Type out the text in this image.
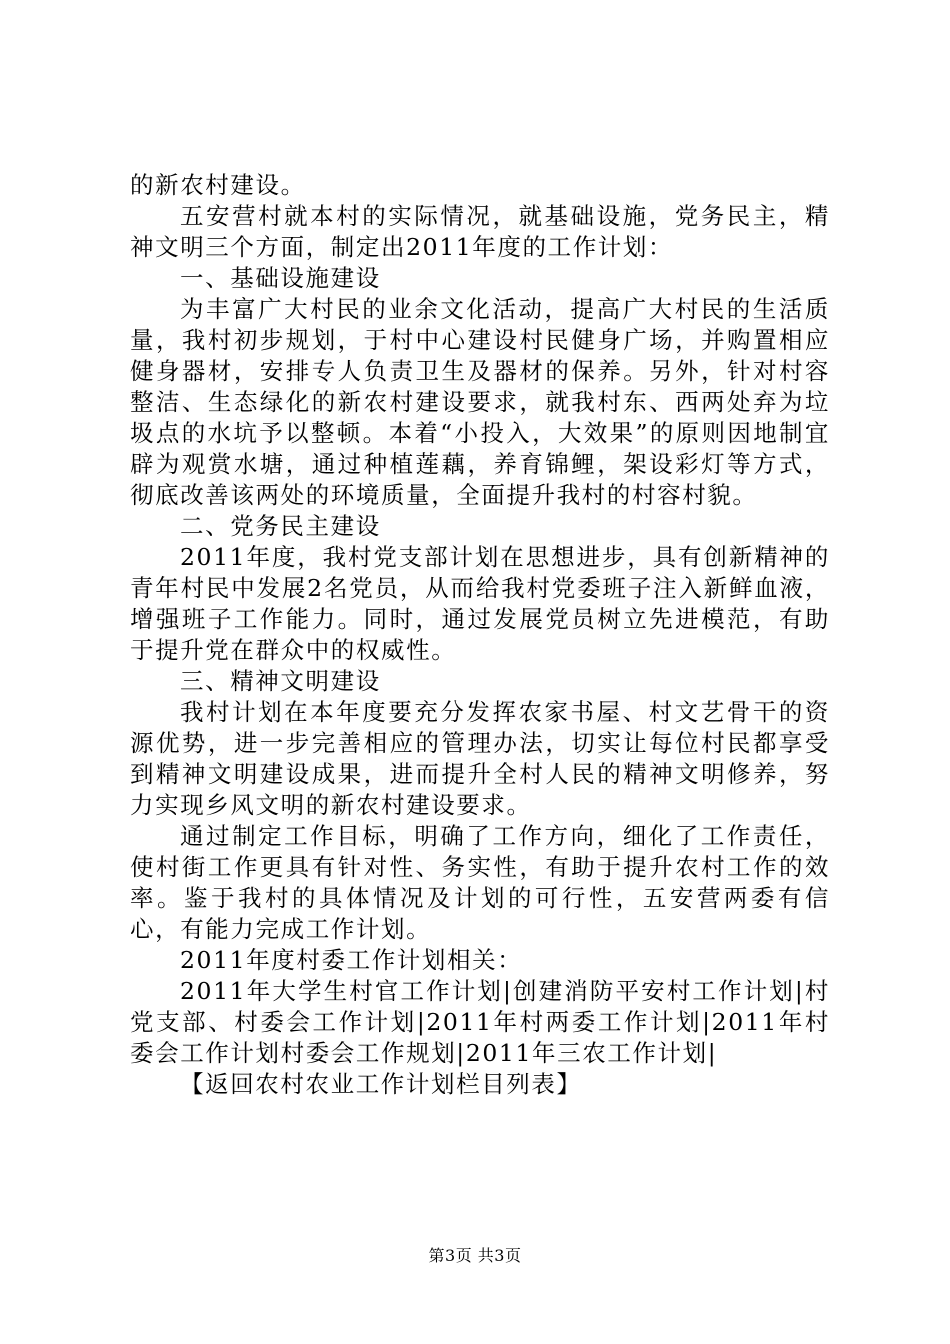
的新农村建设。

五安营村就本村的实际情况，就基础设施，党务民主，精神文明三个方面，制定出2011年度的工作计划：

一、基础设施建设

为丰富广大村民的业余文化活动，提高广大村民的生活质量，我村初步规划，于村中心建设村民健身广场，并购置相应健身器材，安排专人负责卫生及器材的保养。另外，针对村容整洁、生态绿化的新农村建设要求，就我村东、西两处弃为垃圾点的水坑予以整顿。本着“小投入，大效果”的原则因地制宜辟为观赏水塘，通过种植莲藕，养育锦鲤，架设彩灯等方式，彻底改善该两处的环境质量，全面提升我村的村容村貌。

二、党务民主建设

2011年度，我村党支部计划在思想进步，具有创新精神的青年村民中发展2名党员，从而给我村党委班子注入新鲜血液，增强班子工作能力。同时，通过发展党员树立先进模范，有助于提升党在群众中的权威性。

三、精神文明建设

我村计划在本年度要充分发挥农家书屋、村文艺骨干的资源优势，进一步完善相应的管理办法，切实让每位村民都享受到精神文明建设成果，进而提升全村人民的精神文明修养，努力实现乡风文明的新农村建设要求。

通过制定工作目标，明确了工作方向，细化了工作责任，使村街工作更具有针对性、务实性，有助于提升农村工作的效率。鉴于我村的具体情况及计划的可行性，五安营两委有信心，有能力完成工作计划。

2011年度村委工作计划相关：

2011年大学生村官工作计划|创建消防平安村工作计划|村党支部、村委会工作计划|2011年村两委工作计划|2011年村委会工作计划村委会工作规划|2011年三农工作计划|

【返回农村农业工作计划栏目列表】

第3页 共3页
